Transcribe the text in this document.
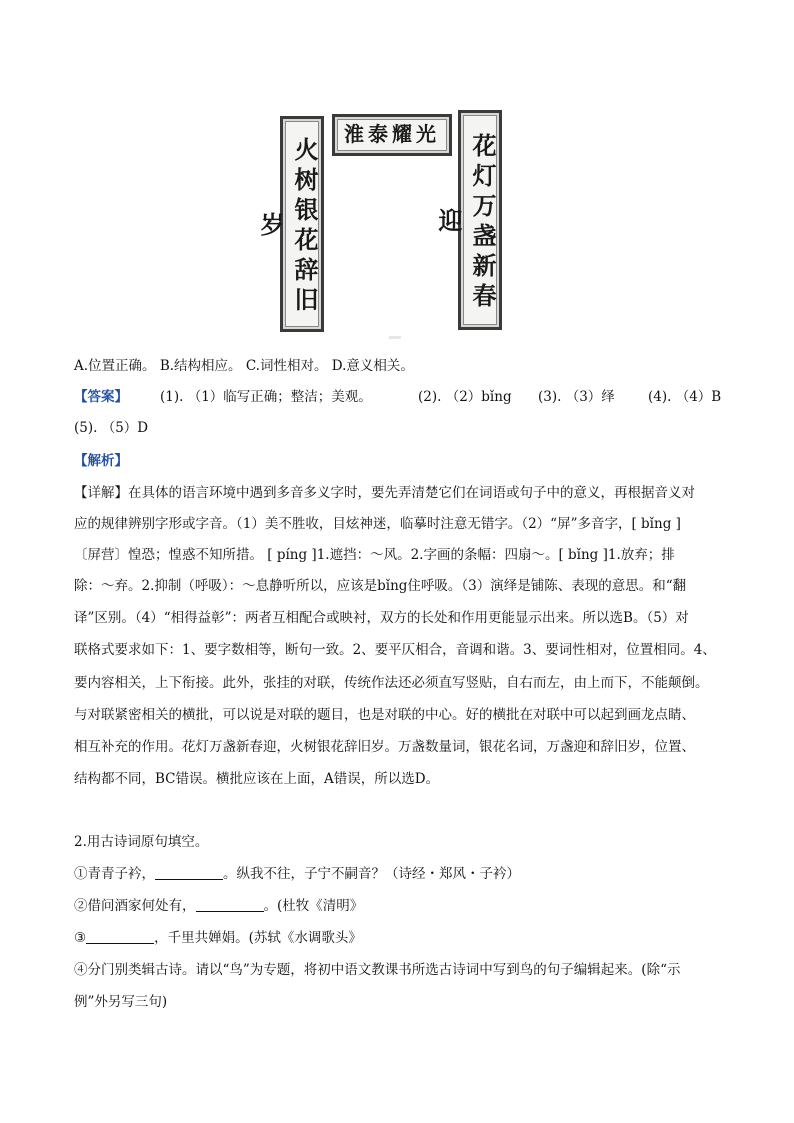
火树银花辞旧岁
淮泰耀光	花灯万盏新春迎
A.位置正确。 B.结构相应。 C.词性相对。 D.意义相关。
【答案】 (1). （1）临写正确；整洁；美观。	(2). （2）bǐng (3). （3）绎 (4). （4）B
(5). （5）D
【解析】
【详解】在具体的语言环境中遇到多音多义字时，要先弄清楚它们在词语或句子中的意义，再根据音义对
应的规律辨别字形或字音。（1）美不胜收，目炫神迷，临摹时注意无错字。（2）“屏”多音字，[ bǐng ]
〔屏营〕惶恐；惶惑不知所措。 [ píng ]1.遮挡：～风。2.字画的条幅：四扇～。[ bǐng ]1.放弃；排
除：～弃。2.抑制（呼吸）：～息静听所以，应该是bǐng住呼吸。（3）演绎是铺陈、表现的意思。和“翻
译”区别。（4）“相得益彰”：两者互相配合或映衬，双方的长处和作用更能显示出来。所以选B。（5）对
联格式要求如下：1、要字数相等，断句一致。2、要平仄相合，音调和谐。3、要词性相对，位置相同。4、
要内容相关，上下衔接。此外，张挂的对联，传统作法还必须直写竖贴，自右而左，由上而下，不能颠倒。
与对联紧密相关的横批，可以说是对联的题目，也是对联的中心。好的横批在对联中可以起到画龙点睛、
相互补充的作用。花灯万盏新春迎，火树银花辞旧岁。万盏数量词，银花名词，万盏迎和辞旧岁，位置、
结构都不同，BC错误。横批应该在上面，A错误，所以选D。
2.用古诗词原句填空。
①青青子衿，	。纵我不往，子宁不嗣音？（诗经・郑风・子衿）
②借问酒家何处有，	。(杜牧《清明》
③	，千里共婵娟。(苏轼《水调歌头》
④分门别类辑古诗。请以“鸟”为专题，将初中语文教课书所选古诗词中写到鸟的句子编辑起来。(除“示
例”外另写三句)
